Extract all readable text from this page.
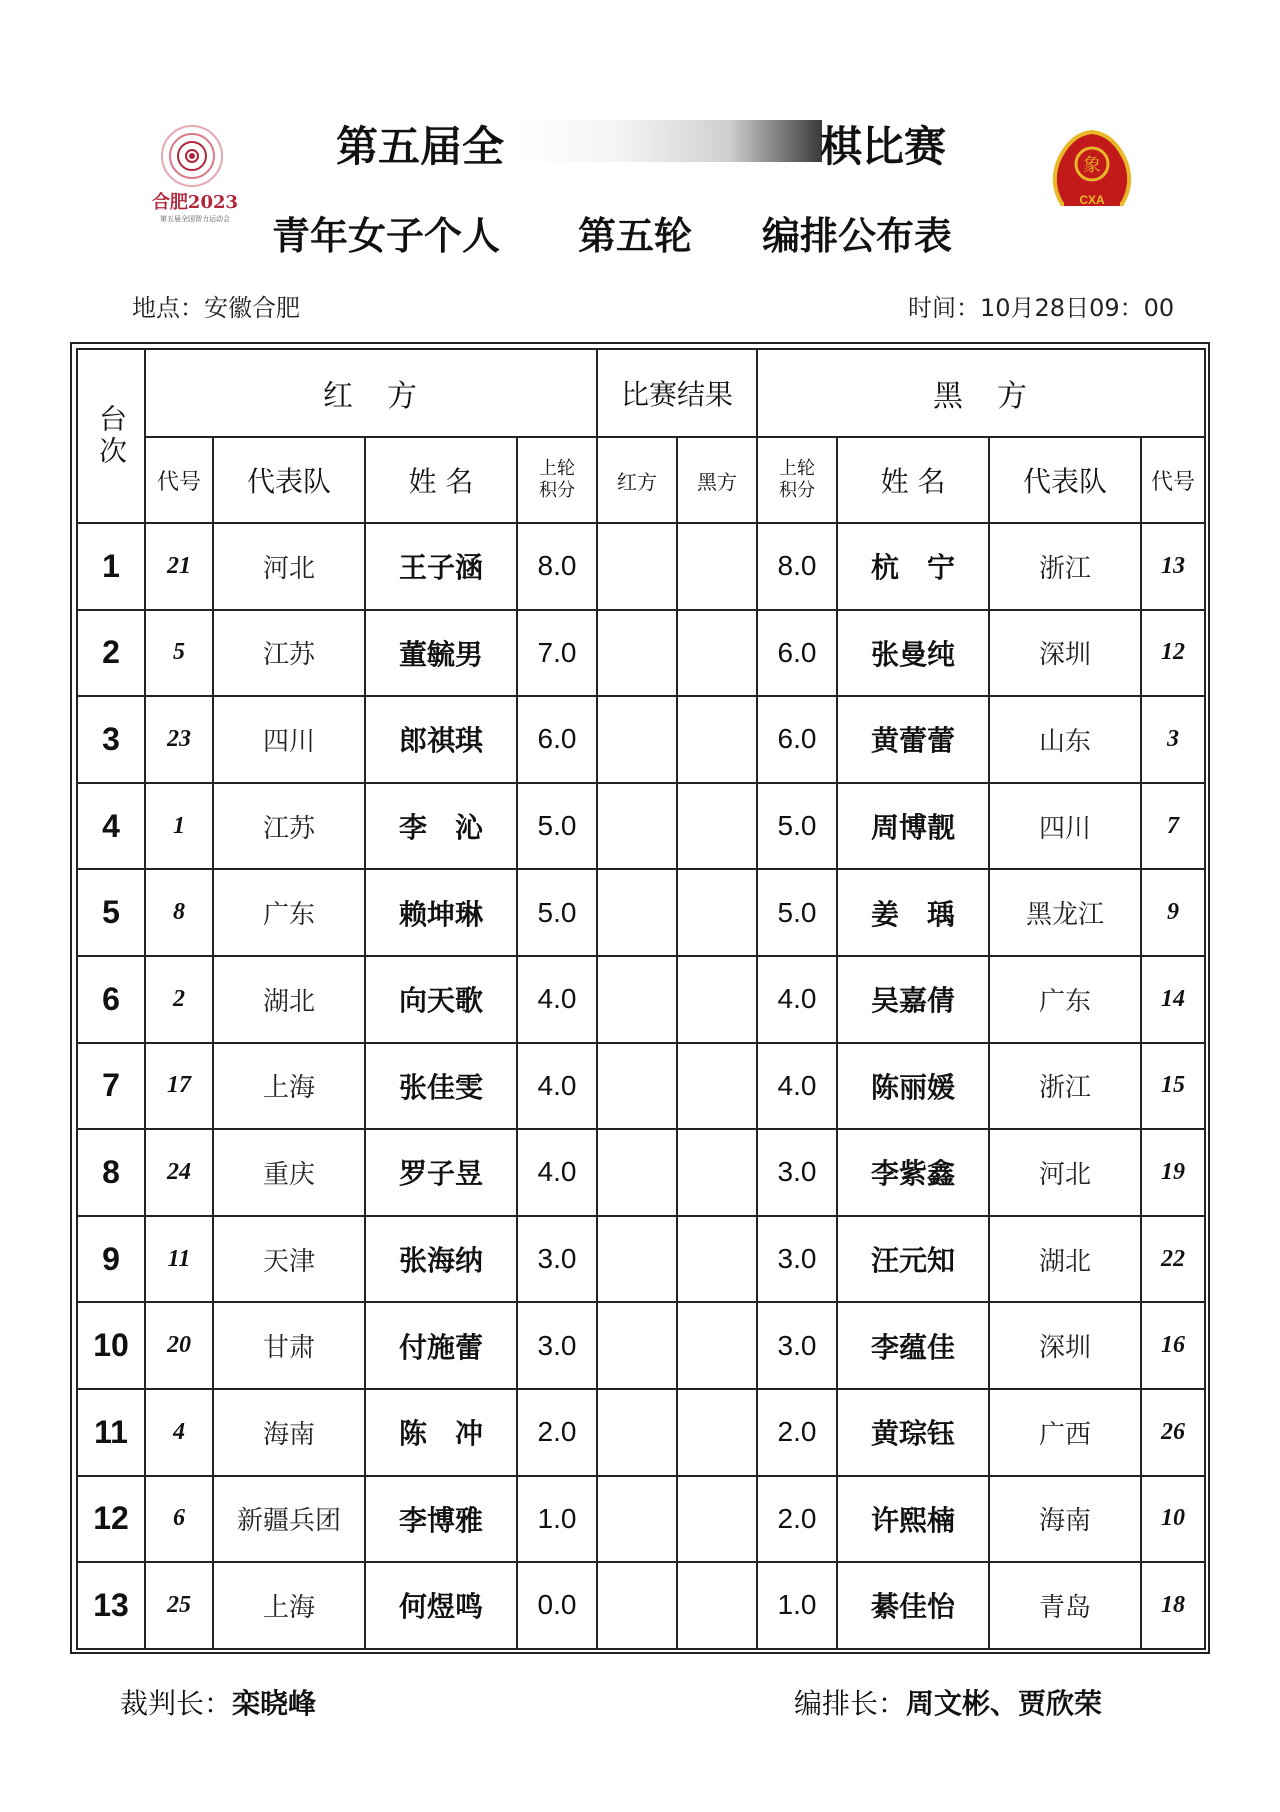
合肥2023
第五届全国智力运动会
象
CXA
第五届全	棋比赛
青年女子个人 第五轮 编排公布表
地点：安徽合肥	时间：10月28日09：00
台次	红　方				比赛结果		黑　方			
	代号	代表队	姓 名	上轮积分	红方	黑方	上轮积分	姓 名	代表队	代号
1	21	河北	王子涵	8.0			8.0	杭　宁	浙江	13
2	5	江苏	董毓男	7.0			6.0	张曼纯	深圳	12
3	23	四川	郎祺琪	6.0			6.0	黄蕾蕾	山东	3
4	1	江苏	李　沁	5.0			5.0	周博靓	四川	7
5	8	广东	赖坤琳	5.0			5.0	姜　瑀	黑龙江	9
6	2	湖北	向天歌	4.0			4.0	吴嘉倩	广东	14
7	17	上海	张佳雯	4.0			4.0	陈丽媛	浙江	15
8	24	重庆	罗子昱	4.0			3.0	李紫鑫	河北	19
9	11	天津	张海纳	3.0			3.0	汪元知	湖北	22
10	20	甘肃	付施蕾	3.0			3.0	李蕴佳	深圳	16
11	4	海南	陈　冲	2.0			2.0	黄琮钰	广西	26
12	6	新疆兵团	李博雅	1.0			2.0	许熙楠	海南	10
13	25	上海	何煜鸣	0.0			1.0	綦佳怡	青岛	18
裁判长：栾晓峰	编排长：周文彬、贾欣荣
